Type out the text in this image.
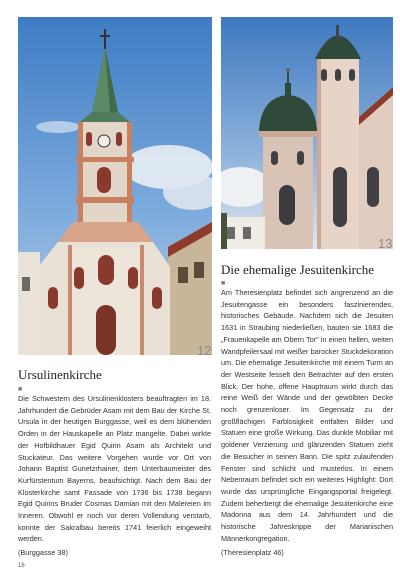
12
13
Ursulinenkirche
■

Die Schwestern des Ursulinenklosters beauftragten im 18. Jahrhundert die Gebrüder Asam mit dem Bau der Kirche St. Ursula in der heutigen Burggasse, weil es dem blühenden Orden in der Hauskapelle an Platz mangelte. Dabei wirkte der Hofbildhauer Egid Quirin Asam als Architekt und Stuckateur. Das weitere Vorgehen wurde vor Ort von Johann Baptist Gunetzrhainer, dem Unterbaumeister des Kurfürstentum Bayerns, beaufsichtigt. Nach dem Bau der Klosterkirche samt Fassade von 1736 bis 1738 begann Egid Quirins Bruder Cosmas Damian mit den Malereien im Inneren. Obwohl er noch vor deren Vollendung verstarb, konnte der Sakralbau bereits 1741 feierlich eingeweiht werden.

(Burggasse 38)

Die ehemalige Jesuitenkirche
■

Am Theresienplatz befindet sich angrenzend an die Jesuitengasse ein besonders faszinierendes, historisches Gebäude. Nachdem sich die Jesuiten 1631 in Straubing niederließen, bauten sie 1683 die „Frauenkapelle am Obern Tor" in einen hellen, weiten Wandpfeilersaal mit weißer barocker Stuckdekoration um. Die ehemalige Jesuitenkirche mit einem Turm an der Westseite fesselt den Betrachter auf den ersten Blick. Der hohe, offene Hauptraum wirkt durch das reine Weiß der Wände und der gewölbten Decke noch grenzenloser. Im Gegensatz zu der großflächigen Farblosigkeit entfalten Bilder und Statuen eine große Wirkung. Das dunkle Mobiliar mit goldener Verzierung und glänzenden Statuen zieht die Besucher in seinen Bann. Die spitz zulaufenden Fenster sind schlicht und musterlos. In einem Nebenraum befindet sich ein weiteres Highlight: Dort wurde das ursprüngliche Eingangsportal freigelegt. Zudem beherbergt die ehemalige Jesuitenkirche eine Madonna aus dem 14. Jahrhundert und die historische Jahreskrippe der Marianischen Männerkongregation.

(Theresienplatz 46)

16
